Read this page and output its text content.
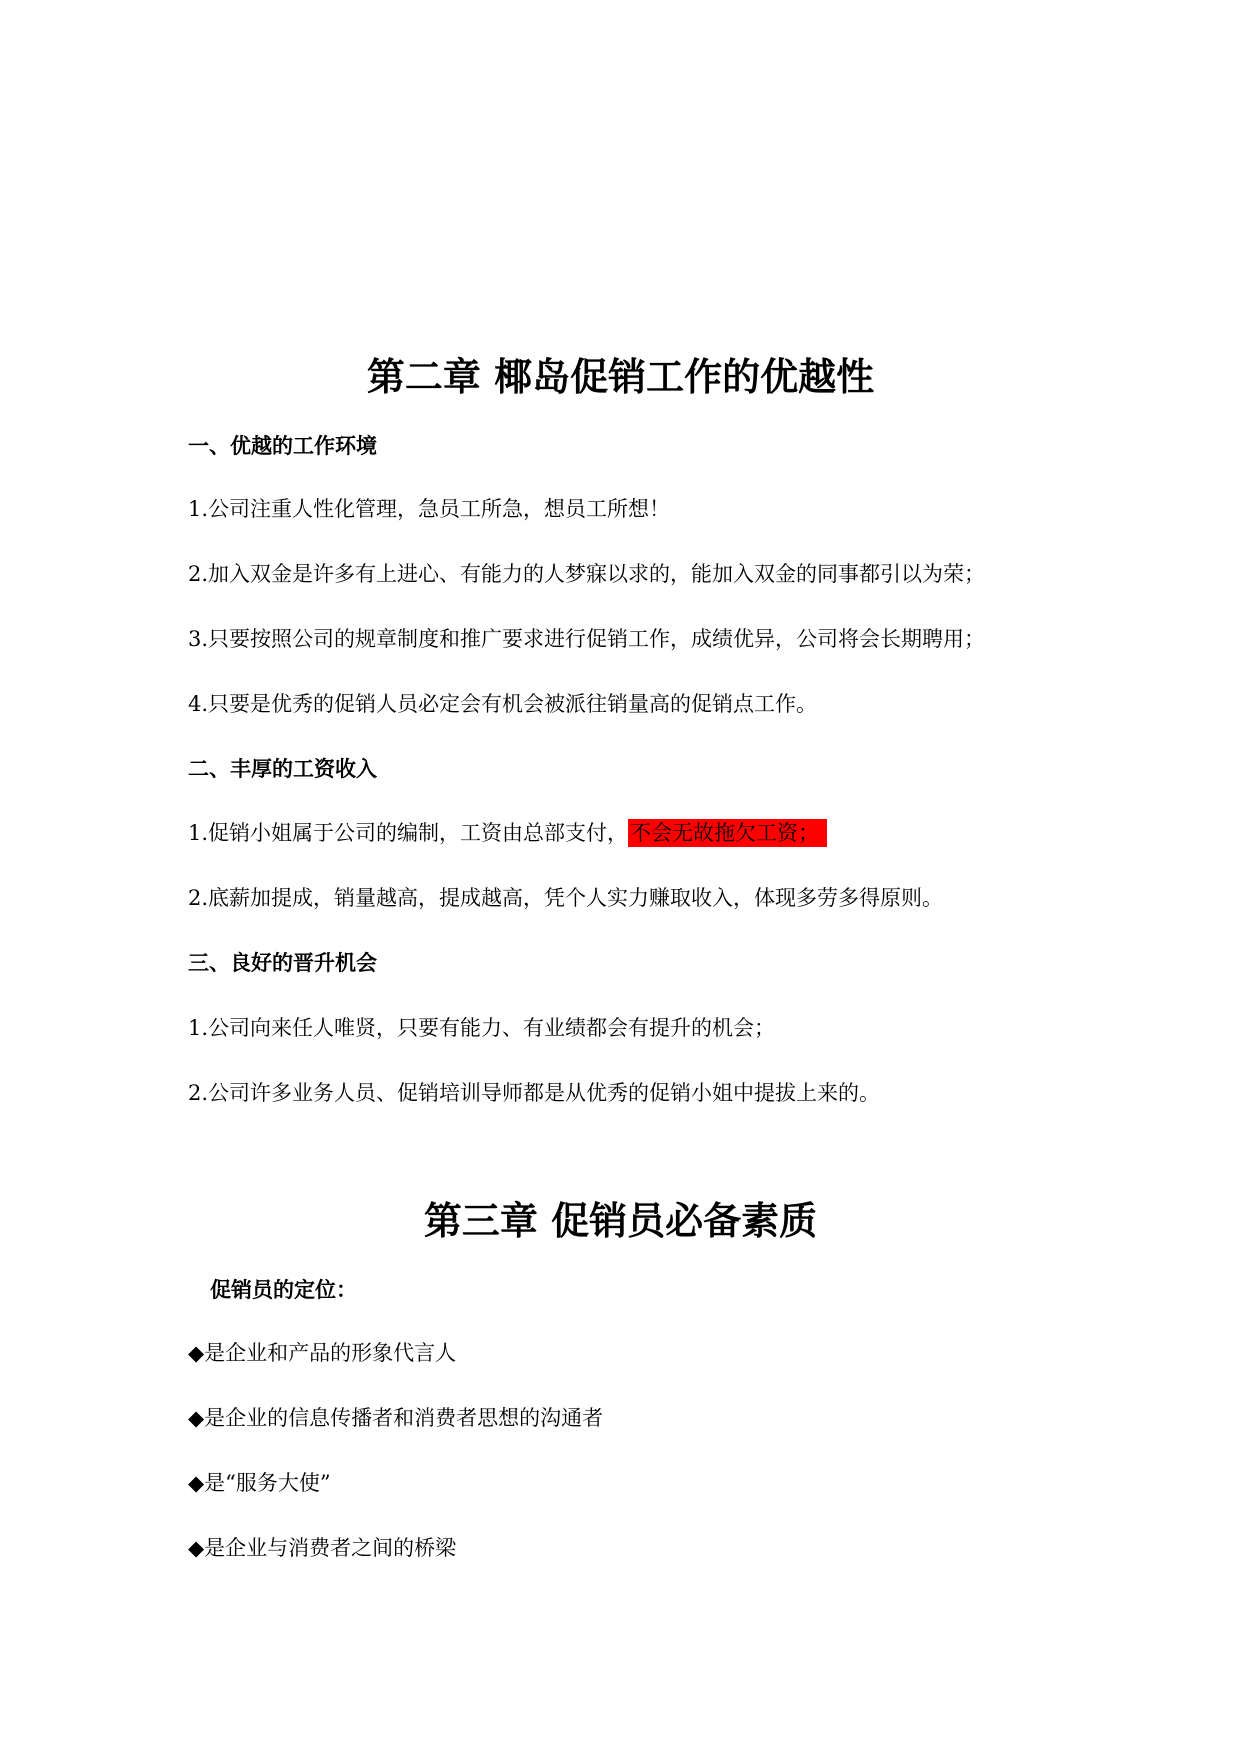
第二章 椰岛促销工作的优越性
一、优越的工作环境

1.公司注重人性化管理，急员工所急，想员工所想！

2.加入双金是许多有上进心、有能力的人梦寐以求的，能加入双金的同事都引以为荣；

3.只要按照公司的规章制度和推广要求进行促销工作，成绩优异，公司将会长期聘用；

4.只要是优秀的促销人员必定会有机会被派往销量高的促销点工作。

二、丰厚的工资收入

1.促销小姐属于公司的编制，工资由总部支付，不会无故拖欠工资；

2.底薪加提成，销量越高，提成越高，凭个人实力赚取收入，体现多劳多得原则。

三、良好的晋升机会

1.公司向来任人唯贤，只要有能力、有业绩都会有提升的机会；

2.公司许多业务人员、促销培训导师都是从优秀的促销小姐中提拔上来的。

第三章 促销员必备素质
促销员的定位：

◆是企业和产品的形象代言人

◆是企业的信息传播者和消费者思想的沟通者

◆是“服务大使”

◆是企业与消费者之间的桥梁
